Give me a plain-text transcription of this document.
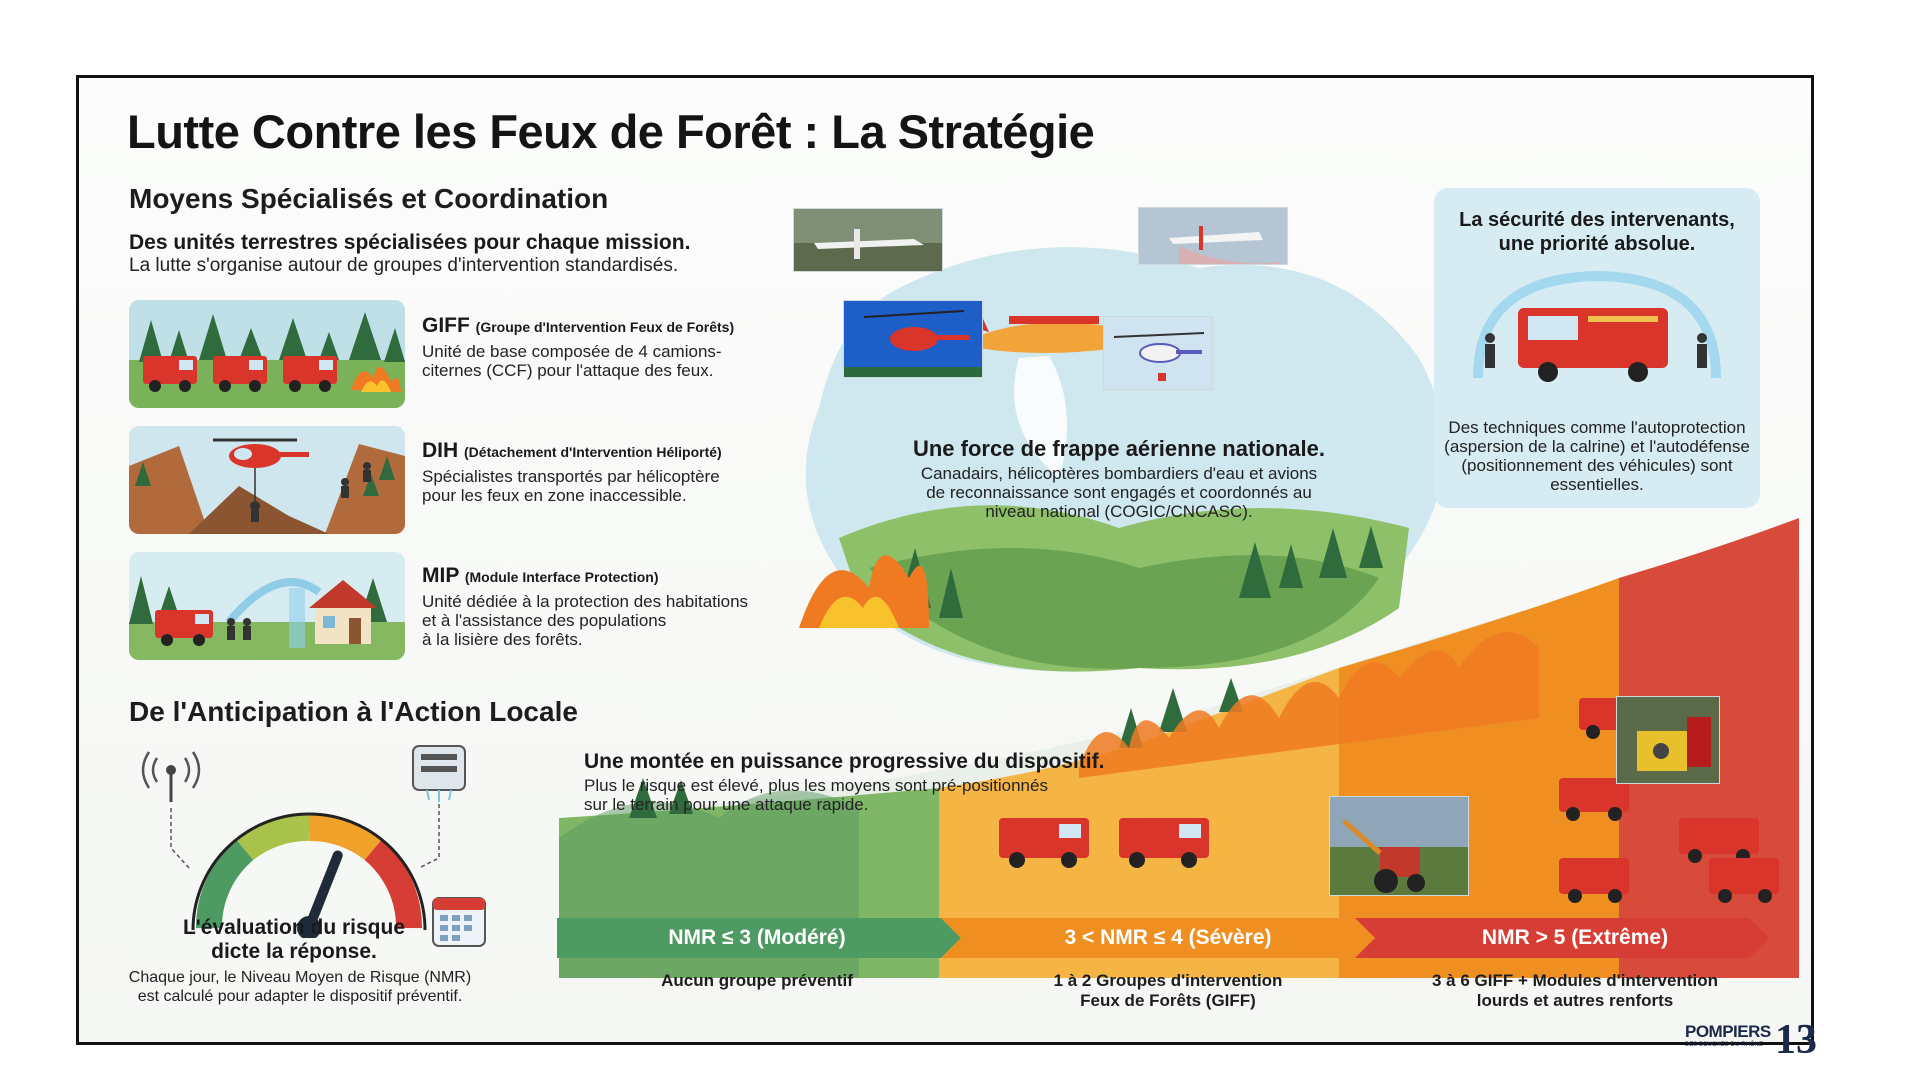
Lutte Contre les Feux de Forêt : La Stratégie
Moyens Spécialisés et Coordination
Des unités terrestres spécialisées pour chaque mission.
La lutte s'organise autour de groupes d'intervention standardisés.
GIFF (Groupe d'Intervention Feux de Forêts)
Unité de base composée de 4 camions-
citernes (CCF) pour l'attaque des feux.
DIH (Détachement d'Intervention Héliporté)
Spécialistes transportés par hélicoptère
pour les feux en zone inaccessible.
MIP (Module Interface Protection)
Unité dédiée à la protection des habitations
et à l'assistance des populations
à la lisière des forêts.
Une force de frappe aérienne nationale.
Canadairs, hélicoptères bombardiers d'eau et avions
de reconnaissance sont engagés et coordonnés au
niveau national (COGIC/CNCASC).
La sécurité des intervenants,
une priorité absolue.
Des techniques comme l'autoprotection
(aspersion de la calrine) et l'autodéfense
(positionnement des véhicules) sont
essentielles.
De l'Anticipation à l'Action Locale
L'évaluation du risque
dicte la réponse.
Chaque jour, le Niveau Moyen de Risque (NMR)
est calculé pour adapter le dispositif préventif.
Une montée en puissance progressive du dispositif.
Plus le risque est élevé, plus les moyens sont pré-positionnés
sur le terrain pour une attaque rapide.
NMR ≤ 3 (Modéré)	3 < NMR ≤ 4 (Sévère)	NMR > 5 (Extrême)
Aucun groupe préventif	1 à 2 Groupes d'intervention
Feux de Forêts (GIFF)
3 à 6 GIFF + Modules d'intervention
lourds et autres renforts
POMPIERS
DES BOUCHES-DU-RHÔNE 13
